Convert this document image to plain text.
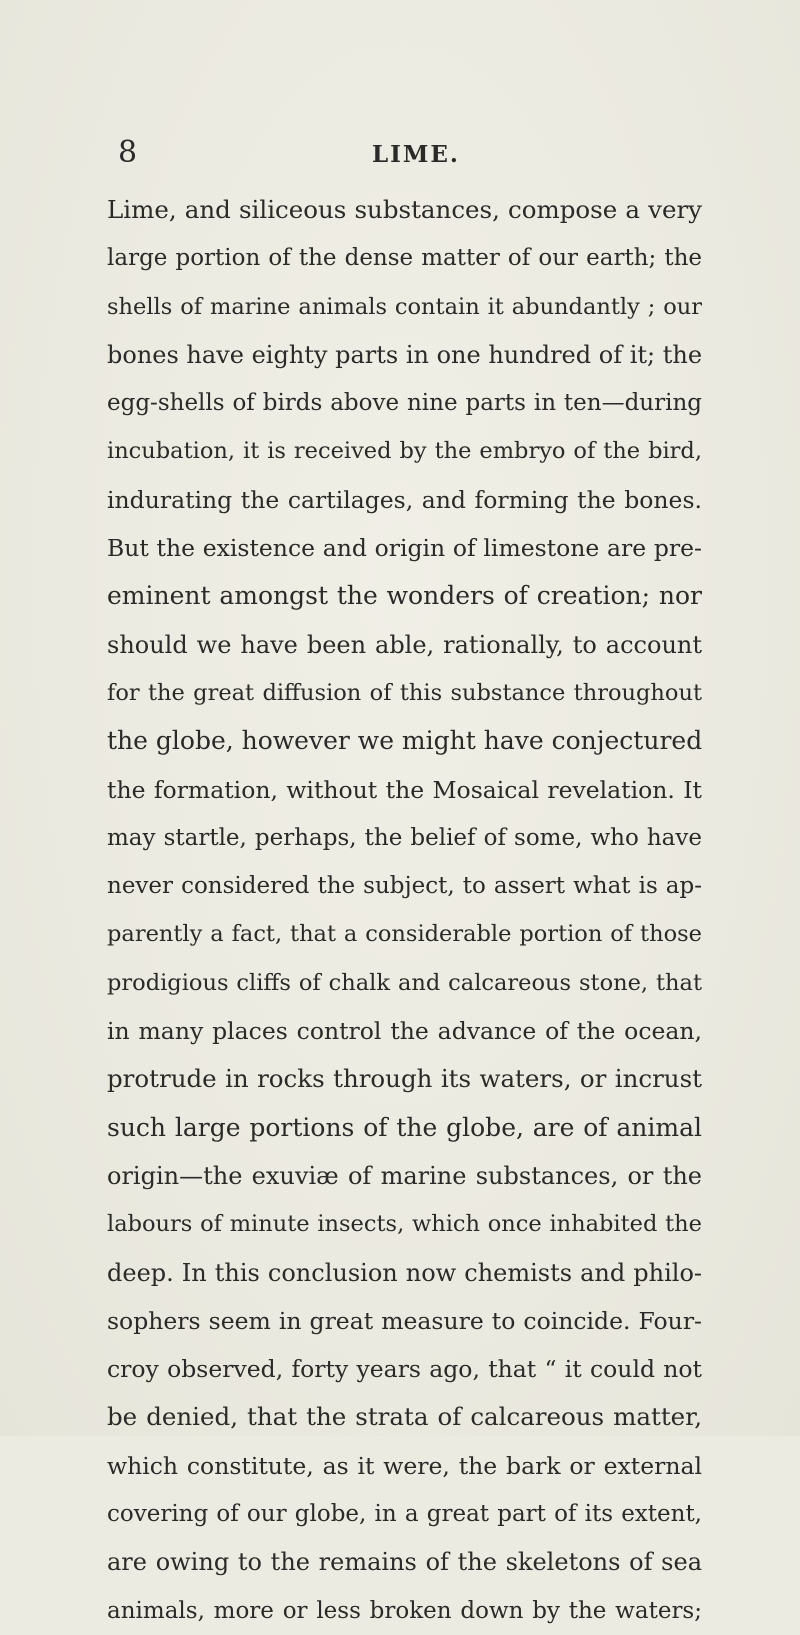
8	LIME.
Lime, and siliceous substances, compose a very
large portion of the dense matter of our earth; the
shells of marine animals contain it abundantly ; our
bones have eighty parts in one hundred of it; the
egg-shells of birds above nine parts in ten—during
incubation, it is received by the embryo of the bird,
indurating the cartilages, and forming the bones.
But the existence and origin of limestone are pre-
eminent amongst the wonders of creation; nor
should we have been able, rationally, to account
for the great diffusion of this substance throughout
the globe, however we might have conjectured
the formation, without the Mosaical revelation. It
may startle, perhaps, the belief of some, who have
never considered the subject, to assert what is ap-
parently a fact, that a considerable portion of those
prodigious cliffs of chalk and calcareous stone, that
in many places control the advance of the ocean,
protrude in rocks through its waters, or incrust
such large portions of the globe, are of animal
origin—the exuviæ of marine substances, or the
labours of minute insects, which once inhabited the
deep. In this conclusion now chemists and philo-
sophers seem in great measure to coincide. Four-
croy observed, forty years ago, that “ it could not
be denied, that the strata of calcareous matter,
which constitute, as it were, the bark or external
covering of our globe, in a great part of its extent,
are owing to the remains of the skeletons of sea
animals, more or less broken down by the waters;
